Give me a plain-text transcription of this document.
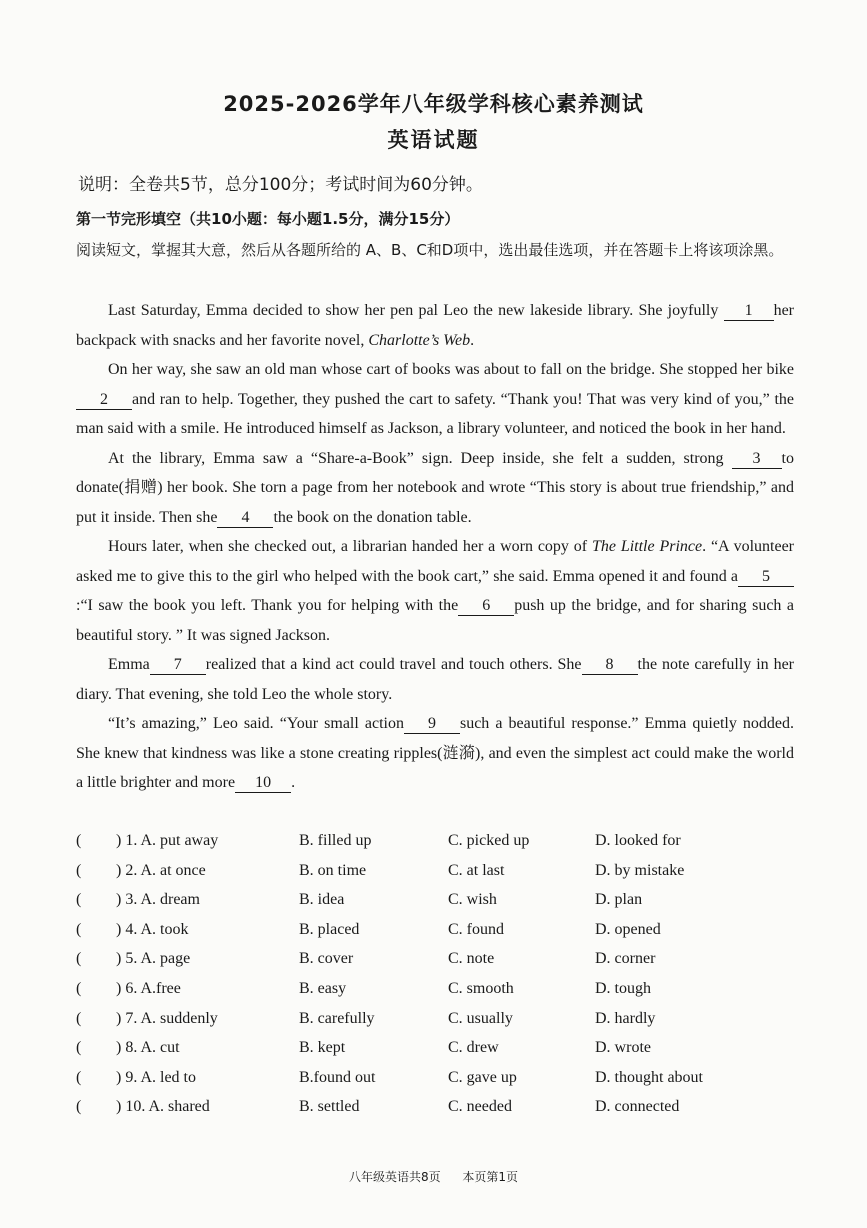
2025-2026学年八年级学科核心素养测试
英语试题
说明：全卷共5节，总分100分；考试时间为60分钟。
第一节完形填空（共10小题：每小题1.5分，满分15分）
阅读短文，掌握其大意，然后从各题所给的 A、B、C和D项中，选出最佳选项，并在答题卡上将该项涂黑。

Last Saturday, Emma decided to show her pen pal Leo the new lakeside library. She joyfully 1 her backpack with snacks and her favorite novel, Charlotte’s Web.

On her way, she saw an old man whose cart of books was about to fall on the bridge. She stopped her bike2 and ran to help. Together, they pushed the cart to safety. “Thank you! That was very kind of you,” the man said with a smile. He introduced himself as Jackson, a library volunteer, and noticed the book in her hand.

At the library, Emma saw a “Share-a-Book” sign. Deep inside, she felt a sudden, strong 3 to donate(捐赠) her book. She torn a page from her notebook and wrote “This story is about true friendship,” and put it inside. Then she 4 the book on the donation table.

Hours later, when she checked out, a librarian handed her a worn copy of The Little Prince. “A volunteer asked me to give this to the girl who helped with the book cart,” she said. Emma opened it and found a 5:“I saw the book you left. Thank you for helping with the 6 push up the bridge, and for sharing such a beautiful story. ” It was signed Jackson.

Emma 7 realized that a kind act could travel and touch others. She 8 the note carefully in her diary. That evening, she told Leo the whole story.

“It’s amazing,” Leo said. “Your small action 9 such a beautiful response.” Emma quietly nodded. She knew that kindness was like a stone creating ripples(涟漪), and even the simplest act could make the world a little brighter and more 10 .

( ) 1. A. put away	B. filled up	C. picked up	D. looked for
( ) 2. A. at once	B. on time	C. at last	D. by mistake
( ) 3. A. dream	B. idea	C. wish	D. plan
( ) 4. A. took	B. placed	C. found	D. opened
( ) 5. A. page	B. cover	C. note	D. corner
( ) 6. A.free	B. easy	C. smooth	D. tough
( ) 7. A. suddenly	B. carefully	C. usually	D. hardly
( ) 8. A. cut	B. kept	C. drew	D. wrote
( ) 9. A. led to	B.found out	C. gave up	D. thought about
( ) 10. A. shared	B. settled	C. needed	D. connected
八年级英语共8页 本页第1页
